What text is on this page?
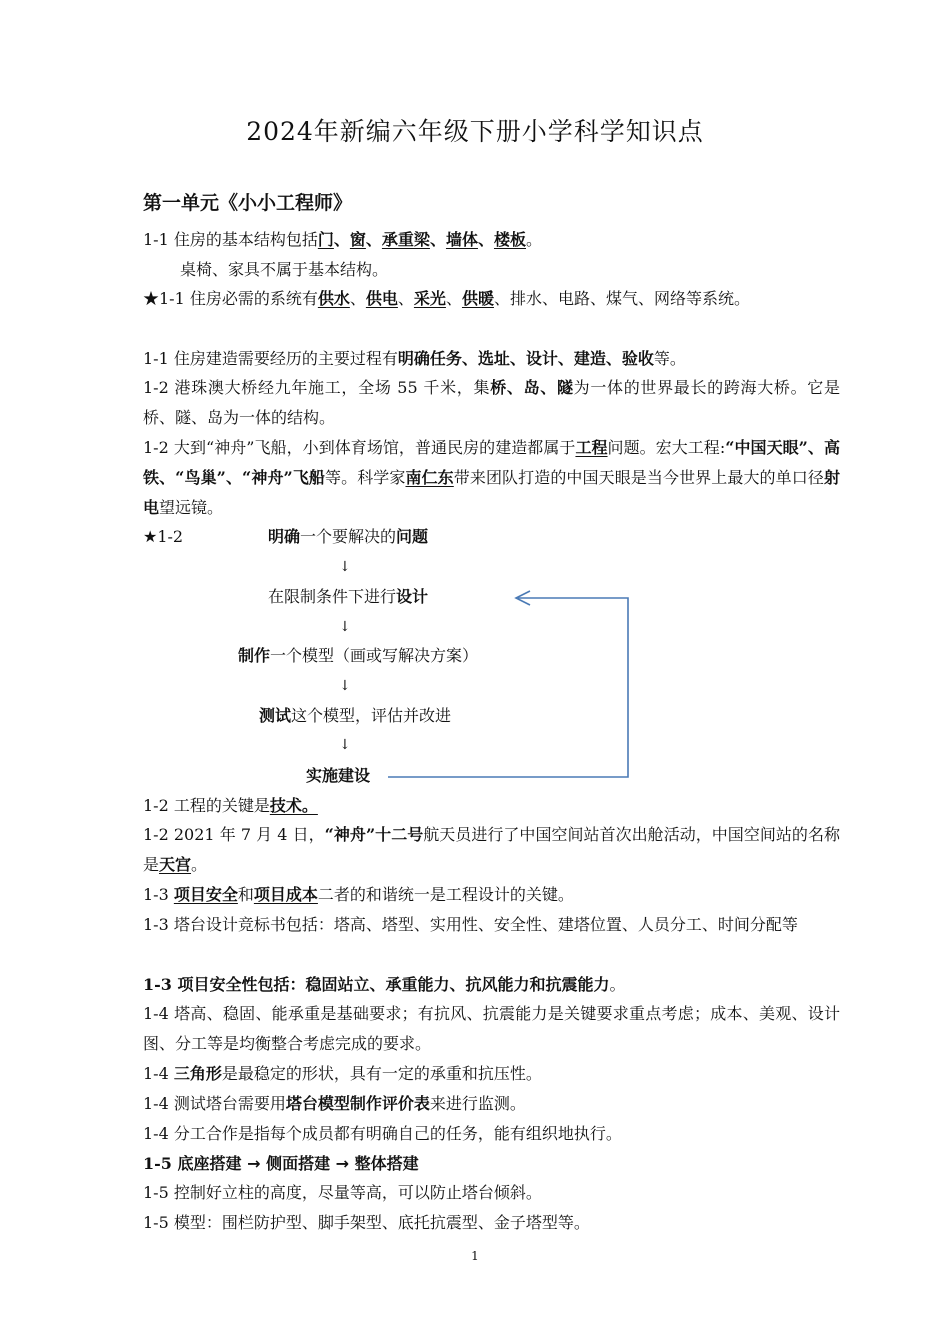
2024年新编六年级下册小学科学知识点
第一单元《小小工程师》
1-1 住房的基本结构包括门、窗、承重梁、墙体、楼板。
桌椅、家具不属于基本结构。
★1-1 住房必需的系统有供水、供电、采光、供暖、排水、电路、煤气、网络等系统。
1-1 住房建造需要经历的主要过程有明确任务、选址、设计、建造、验收等。
1-2 港珠澳大桥经九年施工，全场 55 千米，集桥、岛、隧为一体的世界最长的跨海大桥。它是桥、隧、岛为一体的结构。
1-2 大到“神舟”飞船，小到体育场馆，普通民房的建造都属于工程问题。宏大工程:“中国天眼”、高铁、“鸟巢”、“神舟”飞船等。科学家南仁东带来团队打造的中国天眼是当今世界上最大的单口径射电望远镜。
★1-2	明确一个要解决的问题
↓
在限制条件下进行设计
↓
制作一个模型（画或写解决方案）
↓
测试这个模型，评估并改进
↓
实施建设
1-2 工程的关键是技术。
1-2 2021 年 7 月 4 日，“神舟”十二号航天员进行了中国空间站首次出舱活动，中国空间站的名称是天宫。
1-3 项目安全和项目成本二者的和谐统一是工程设计的关键。
1-3 塔台设计竞标书包括：塔高、塔型、实用性、安全性、建塔位置、人员分工、时间分配等
1-3 项目安全性包括：稳固站立、承重能力、抗风能力和抗震能力。
1-4 塔高、稳固、能承重是基础要求；有抗风、抗震能力是关键要求重点考虑；成本、美观、设计图、分工等是均衡整合考虑完成的要求。
1-4 三角形是最稳定的形状，具有一定的承重和抗压性。
1-4 测试塔台需要用塔台模型制作评价表来进行监测。
1-4 分工合作是指每个成员都有明确自己的任务，能有组织地执行。
1-5 底座搭建 → 侧面搭建 → 整体搭建
1-5 控制好立柱的高度，尽量等高，可以防止塔台倾斜。
1-5 模型：围栏防护型、脚手架型、底托抗震型、金子塔型等。
1
